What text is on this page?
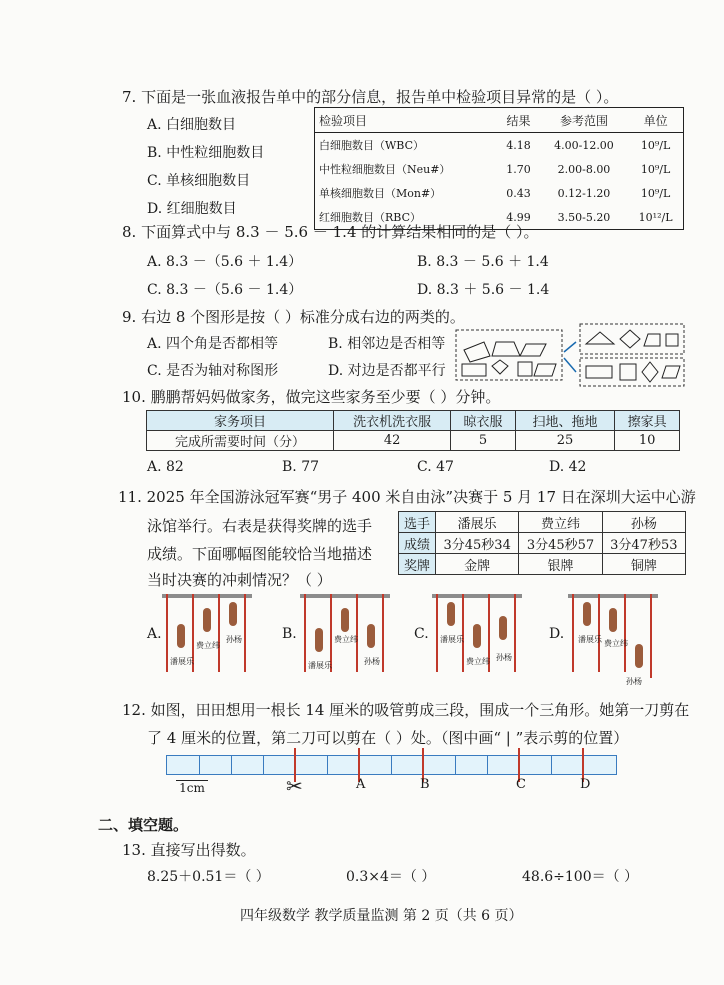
7. 下面是一张血液报告单中的部分信息，报告单中检验项目异常的是（ ）。
A. 白细胞数目
B. 中性粒细胞数目
C. 单核细胞数目
D. 红细胞数目
检验项目	结果	参考范围	单位
白细胞数目（WBC）	4.18	4.00-12.00	10⁹/L
中性粒细胞数目（Neu#）	1.70	2.00-8.00	10⁹/L
单核细胞数目（Mon#）	0.43	0.12-1.20	10⁹/L
红细胞数目（RBC）	4.99	3.50-5.20	10¹²/L
8. 下面算式中与 8.3 － 5.6 － 1.4 的计算结果相同的是（ ）。
A. 8.3 －（5.6 ＋ 1.4）	B. 8.3 － 5.6 ＋ 1.4
C. 8.3 －（5.6 － 1.4）	D. 8.3 ＋ 5.6 － 1.4
9. 右边 8 个图形是按（ ）标准分成右边的两类的。
A. 四个角是否都相等	B. 相邻边是否相等
C. 是否为轴对称图形	D. 对边是否都平行
10. 鹏鹏帮妈妈做家务，做完这些家务至少要（ ）分钟。
家务项目	洗衣机洗衣服	晾衣服	扫地、拖地	擦家具
完成所需要时间（分）	42	5	25	10
A. 82	B. 77	C. 47	D. 42
11. 2025 年全国游泳冠军赛“男子 400 米自由泳”决赛于 5 月 17 日在深圳大运中心游
泳馆举行。右表是获得奖牌的选手
成绩。下面哪幅图能较恰当地描述
当时决赛的冲刺情况？（ ）
选手	潘展乐	费立纬	孙杨
成绩	3分45秒34	3分45秒57	3分47秒53
奖牌	金牌	银牌	铜牌
A.
潘展乐
费立纬
孙杨	B.
潘展乐
费立纬
孙杨
C. 潘展乐
费立纬 孙杨
D. 潘展乐 费立纬
孙杨
12. 如图，田田想用一根长 14 厘米的吸管剪成三段，围成一个三角形。她第一刀剪在
了 4 厘米的位置，第二刀可以剪在（ ）处。（图中画“ | ”表示剪的位置）
1cm	✂	A	B	C	D
二、填空题。
13. 直接写出得数。
8.25＋0.51＝（ ）	0.3×4＝（ ）	48.6÷100＝（ ）
四年级数学 教学质量监测 第 2 页（共 6 页）
